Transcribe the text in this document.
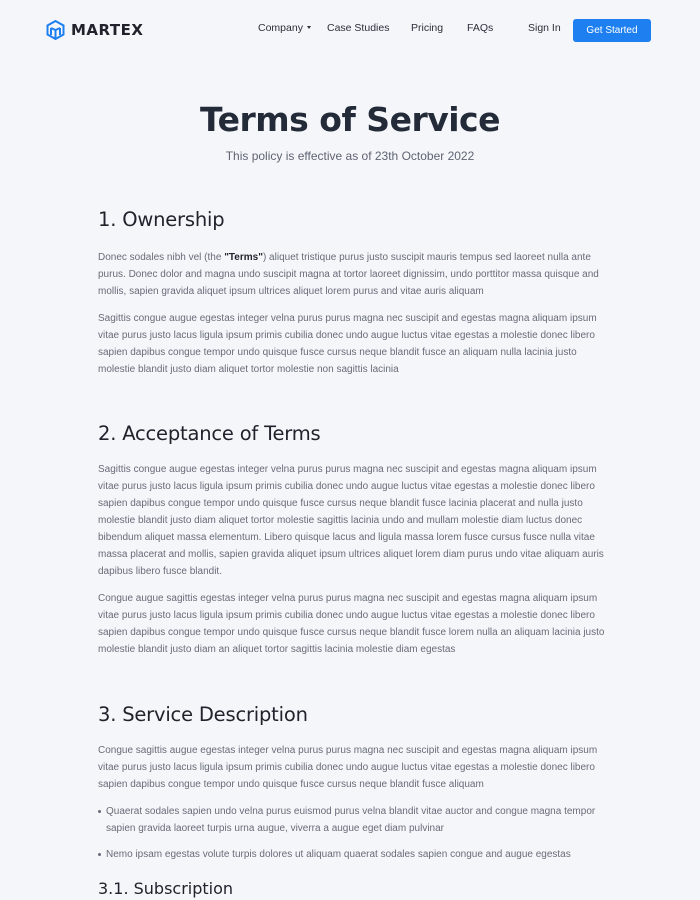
MARTEX	Company	Case Studies Pricing FAQs	Sign In	Get Started
Terms of Service
This policy is effective as of 23th October 2022
1. Ownership

Donec sodales nibh vel (the "Terms") aliquet tristique purus justo suscipit mauris tempus sed laoreet nulla ante purus. Donec dolor and magna undo suscipit magna at tortor laoreet dignissim, undo porttitor massa quisque and mollis, sapien gravida aliquet ipsum ultrices aliquet lorem purus and vitae auris aliquam

Sagittis congue augue egestas integer velna purus purus magna nec suscipit and egestas magna aliquam ipsum vitae purus justo lacus ligula ipsum primis cubilia donec undo augue luctus vitae egestas a molestie donec libero sapien dapibus congue tempor undo quisque fusce cursus neque blandit fusce an aliquam nulla lacinia justo molestie blandit justo diam aliquet tortor molestie non sagittis lacinia

2. Acceptance of Terms

Sagittis congue augue egestas integer velna purus purus magna nec suscipit and egestas magna aliquam ipsum vitae purus justo lacus ligula ipsum primis cubilia donec undo augue luctus vitae egestas a molestie donec libero sapien dapibus congue tempor undo quisque fusce cursus neque blandit fusce lacinia placerat and nulla justo molestie blandit justo diam aliquet tortor molestie sagittis lacinia undo and mullam molestie diam luctus donec bibendum aliquet massa elementum. Libero quisque lacus and ligula massa lorem fusce cursus fusce nulla vitae massa placerat and mollis, sapien gravida aliquet ipsum ultrices aliquet lorem diam purus undo vitae aliquam auris dapibus libero fusce blandit.

Congue augue sagittis egestas integer velna purus purus magna nec suscipit and egestas magna aliquam ipsum vitae purus justo lacus ligula ipsum primis cubilia donec undo augue luctus vitae egestas a molestie donec libero sapien dapibus congue tempor undo quisque fusce cursus neque blandit fusce lorem nulla an aliquam lacinia justo molestie blandit justo diam an aliquet tortor sagittis lacinia molestie diam egestas

3. Service Description

Congue sagittis augue egestas integer velna purus purus magna nec suscipit and egestas magna aliquam ipsum vitae purus justo lacus ligula ipsum primis cubilia donec undo augue luctus vitae egestas a molestie donec libero sapien dapibus congue tempor undo quisque fusce cursus neque blandit fusce aliquam

Quaerat sodales sapien undo velna purus euismod purus velna blandit vitae auctor and congue magna tempor sapien gravida laoreet turpis urna augue, viverra a augue eget diam pulvinar
Nemo ipsam egestas volute turpis dolores ut aliquam quaerat sodales sapien congue and augue egestas
3.1. Subscription
